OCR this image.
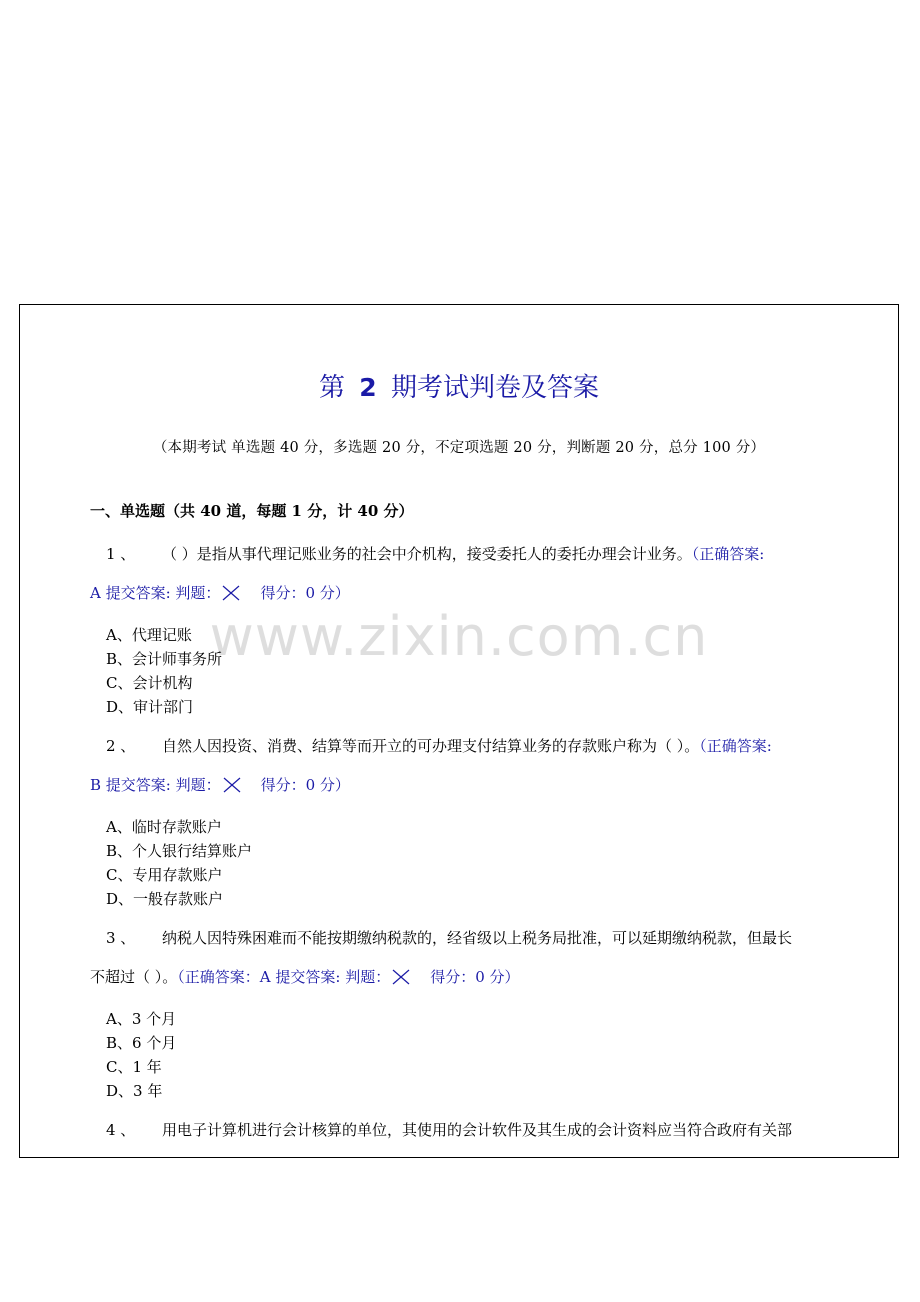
www.zixin.com.cn
第 2 期考试判卷及答案
（本期考试 单选题 40 分，多选题 20 分，不定项选题 20 分，判断题 20 分，总分 100 分）
一、单选题（共 40 道，每题 1 分，计 40 分）
1 、 （ ）是指从事代理记账业务的社会中介机构，接受委托人的委托办理会计业务。（正确答案:
A 提交答案: 判题：	得分：0 分）
A、代理记账
B、会计师事务所
C、会计机构
D、审计部门
2 、 自然人因投资、消费、结算等而开立的可办理支付结算业务的存款账户称为（ ）。（正确答案:
B 提交答案: 判题：	得分：0 分）
A、临时存款账户
B、个人银行结算账户
C、专用存款账户
D、一般存款账户
3 、 纳税人因特殊困难而不能按期缴纳税款的，经省级以上税务局批准，可以延期缴纳税款，但最长
不超过（ ）。（正确答案：A 提交答案: 判题：	得分：0 分）
A、3 个月
B、6 个月
C、1 年
D、3 年
4 、 用电子计算机进行会计核算的单位，其使用的会计软件及其生成的会计资料应当符合政府有关部
